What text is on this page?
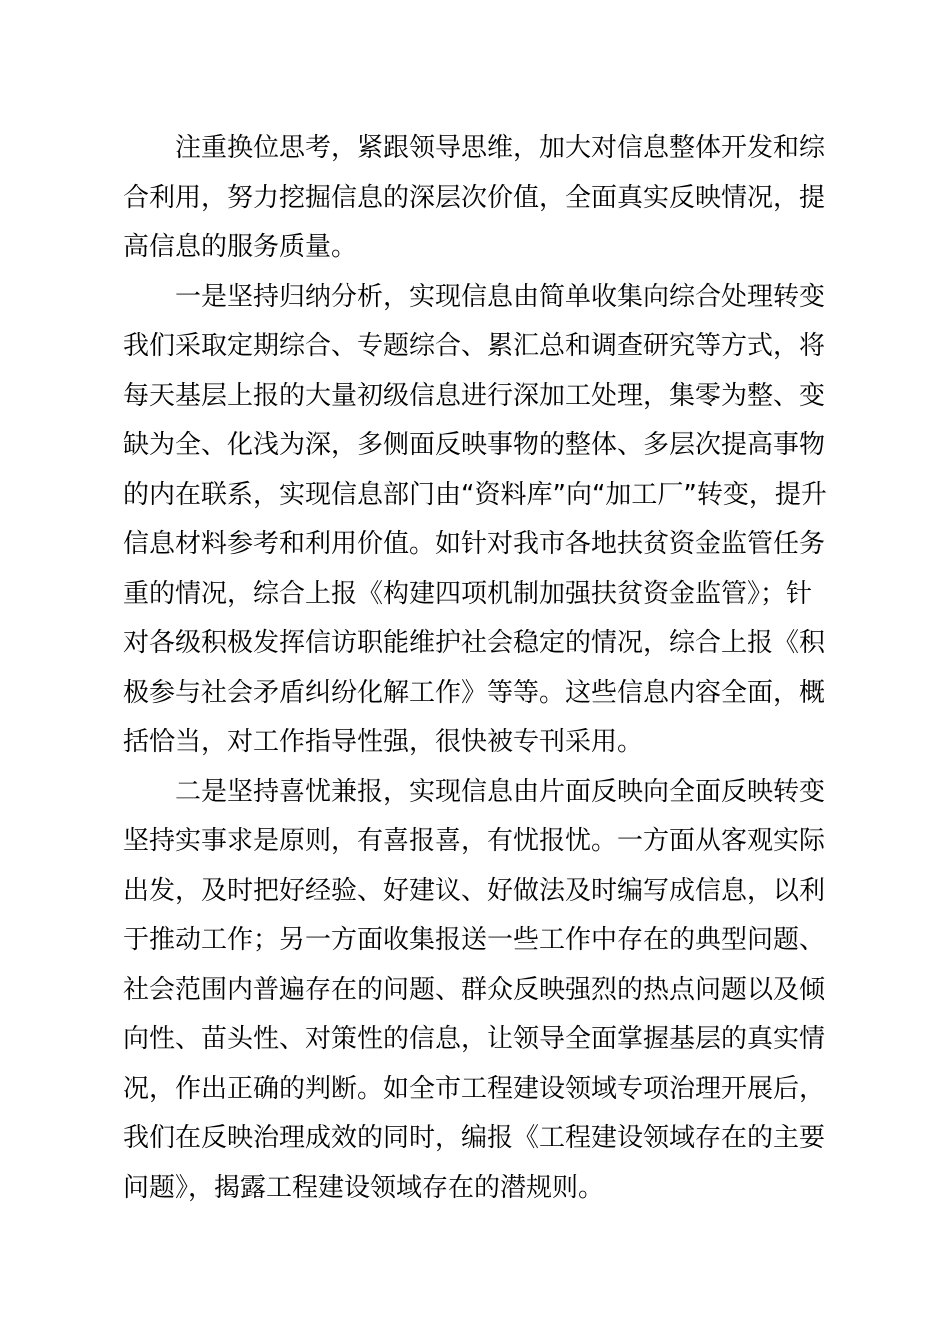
注重换位思考，紧跟领导思维，加大对信息整体开发和综
合利用，努力挖掘信息的深层次价值，全面真实反映情况，提
高信息的服务质量。
一是坚持归纳分析，实现信息由简单收集向综合处理转变
我们采取定期综合、专题综合、累汇总和调查研究等方式，将
每天基层上报的大量初级信息进行深加工处理，集零为整、变
缺为全、化浅为深，多侧面反映事物的整体、多层次提高事物
的内在联系，实现信息部门由“资料库”向“加工厂”转变，提升
信息材料参考和利用价值。如针对我市各地扶贫资金监管任务
重的情况，综合上报《构建四项机制加强扶贫资金监管》；针
对各级积极发挥信访职能维护社会稳定的情况，综合上报《积
极参与社会矛盾纠纷化解工作》等等。这些信息内容全面，概
括恰当，对工作指导性强，很快被专刊采用。
二是坚持喜忧兼报，实现信息由片面反映向全面反映转变
坚持实事求是原则，有喜报喜，有忧报忧。一方面从客观实际
出发，及时把好经验、好建议、好做法及时编写成信息，以利
于推动工作；另一方面收集报送一些工作中存在的典型问题、
社会范围内普遍存在的问题、群众反映强烈的热点问题以及倾
向性、苗头性、对策性的信息，让领导全面掌握基层的真实情
况，作出正确的判断。如全市工程建设领域专项治理开展后，
我们在反映治理成效的同时，编报《工程建设领域存在的主要
问题》，揭露工程建设领域存在的潜规则。
